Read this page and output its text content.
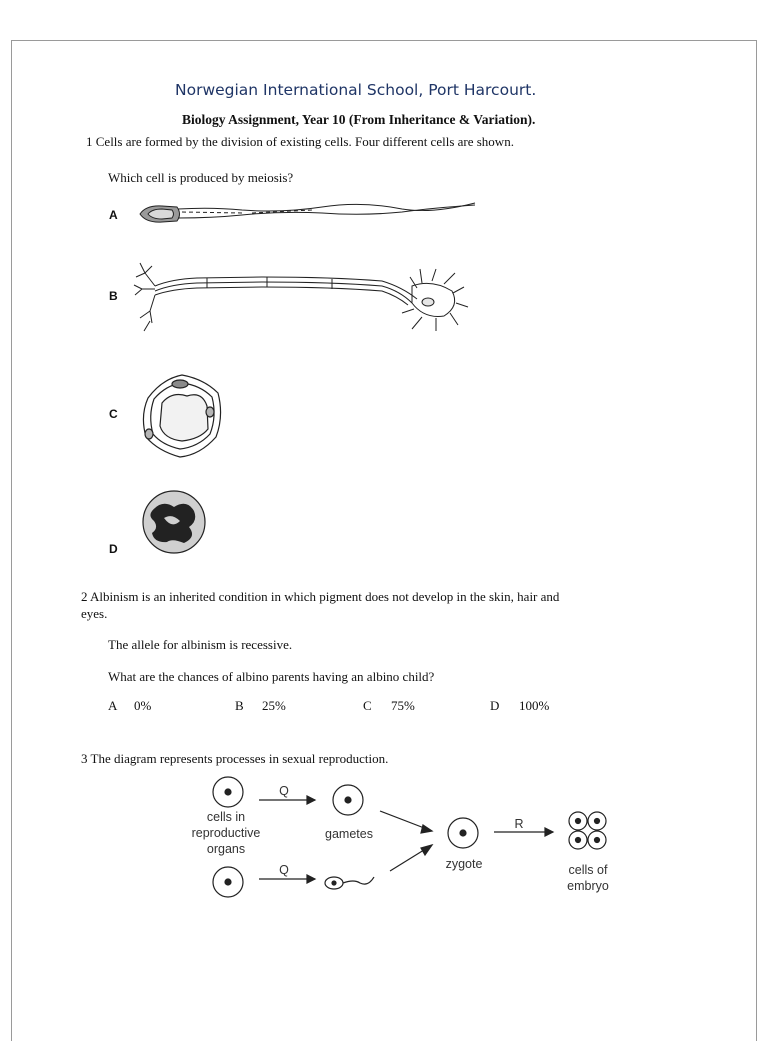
Norwegian International School, Port Harcourt.
Biology Assignment, Year 10 (From Inheritance & Variation).
1 Cells are formed by the division of existing cells. Four different cells are shown.
Which cell is produced by meiosis?
A
B
C
D
2 Albinism is an inherited condition in which pigment does not develop in the skin, hair and
eyes.
The allele for albinism is recessive.
What are the chances of albino parents having an albino child?
A 0%	B 25%	C 75%	D 100%
3 The diagram represents processes in sexual reproduction.
Q
Q
R
cells in
reproductive
organs
gametes
zygote	cells of
embryo
